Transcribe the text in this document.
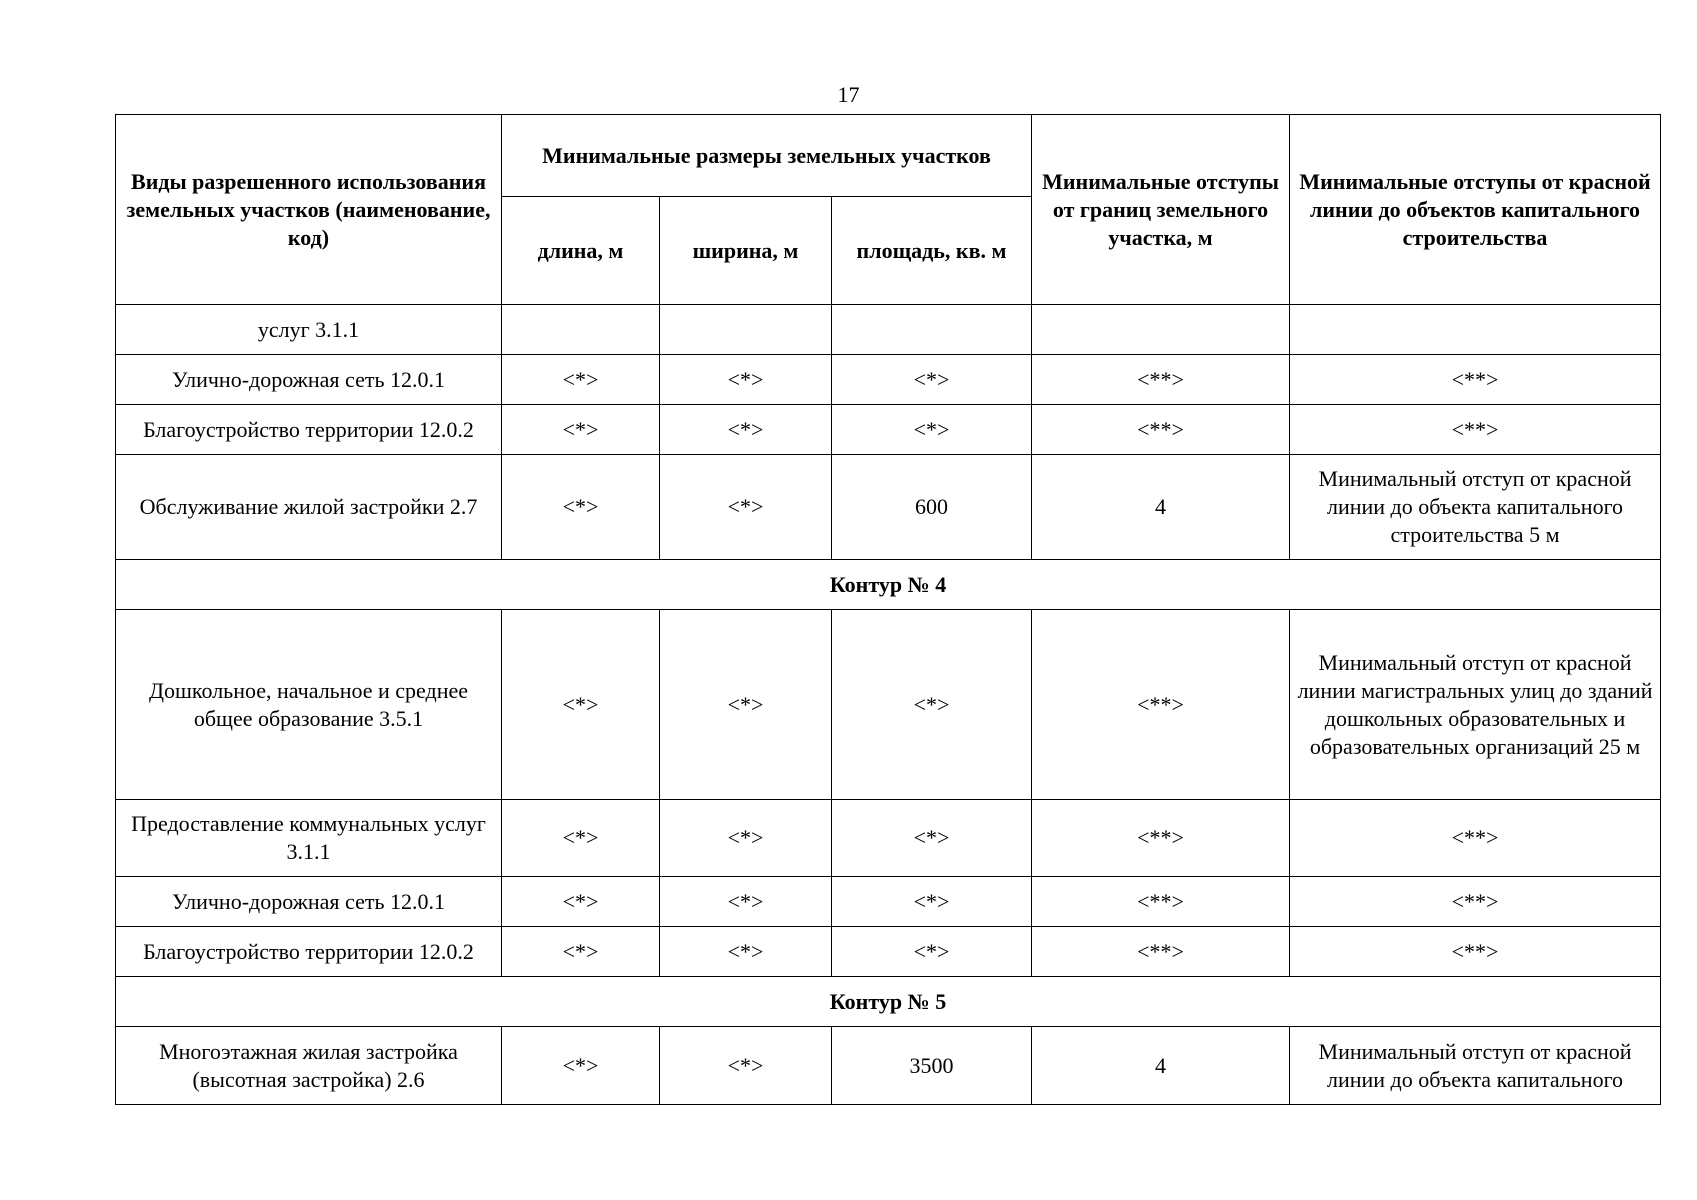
17
Виды разрешенного использования земельных участков (наименование, код)	Минимальные размеры земельных участков			Минимальные отступы от границ земельного участка, м	Минимальные отступы от красной линии до объектов капитального строительства
	длина, м	ширина, м	площадь, кв. м		
услуг 3.1.1					
Улично-дорожная сеть 12.0.1	<*>	<*>	<*>	<**>	<**>
Благоустройство территории 12.0.2	<*>	<*>	<*>	<**>	<**>
Обслуживание жилой застройки 2.7	<*>	<*>	600	4	Минимальный отступ от красной линии до объекта капитального строительства 5 м
Контур № 4					
Дошкольное, начальное и среднее общее образование 3.5.1	<*>	<*>	<*>	<**>	Минимальный отступ от красной линии магистральных улиц до зданий дошкольных образовательных и образовательных организаций 25 м
Предоставление коммунальных услуг 3.1.1	<*>	<*>	<*>	<**>	<**>
Улично-дорожная сеть 12.0.1	<*>	<*>	<*>	<**>	<**>
Благоустройство территории 12.0.2	<*>	<*>	<*>	<**>	<**>
Контур № 5					
Многоэтажная жилая застройка (высотная застройка) 2.6	<*>	<*>	3500	4	Минимальный отступ от красной линии до объекта капитального
